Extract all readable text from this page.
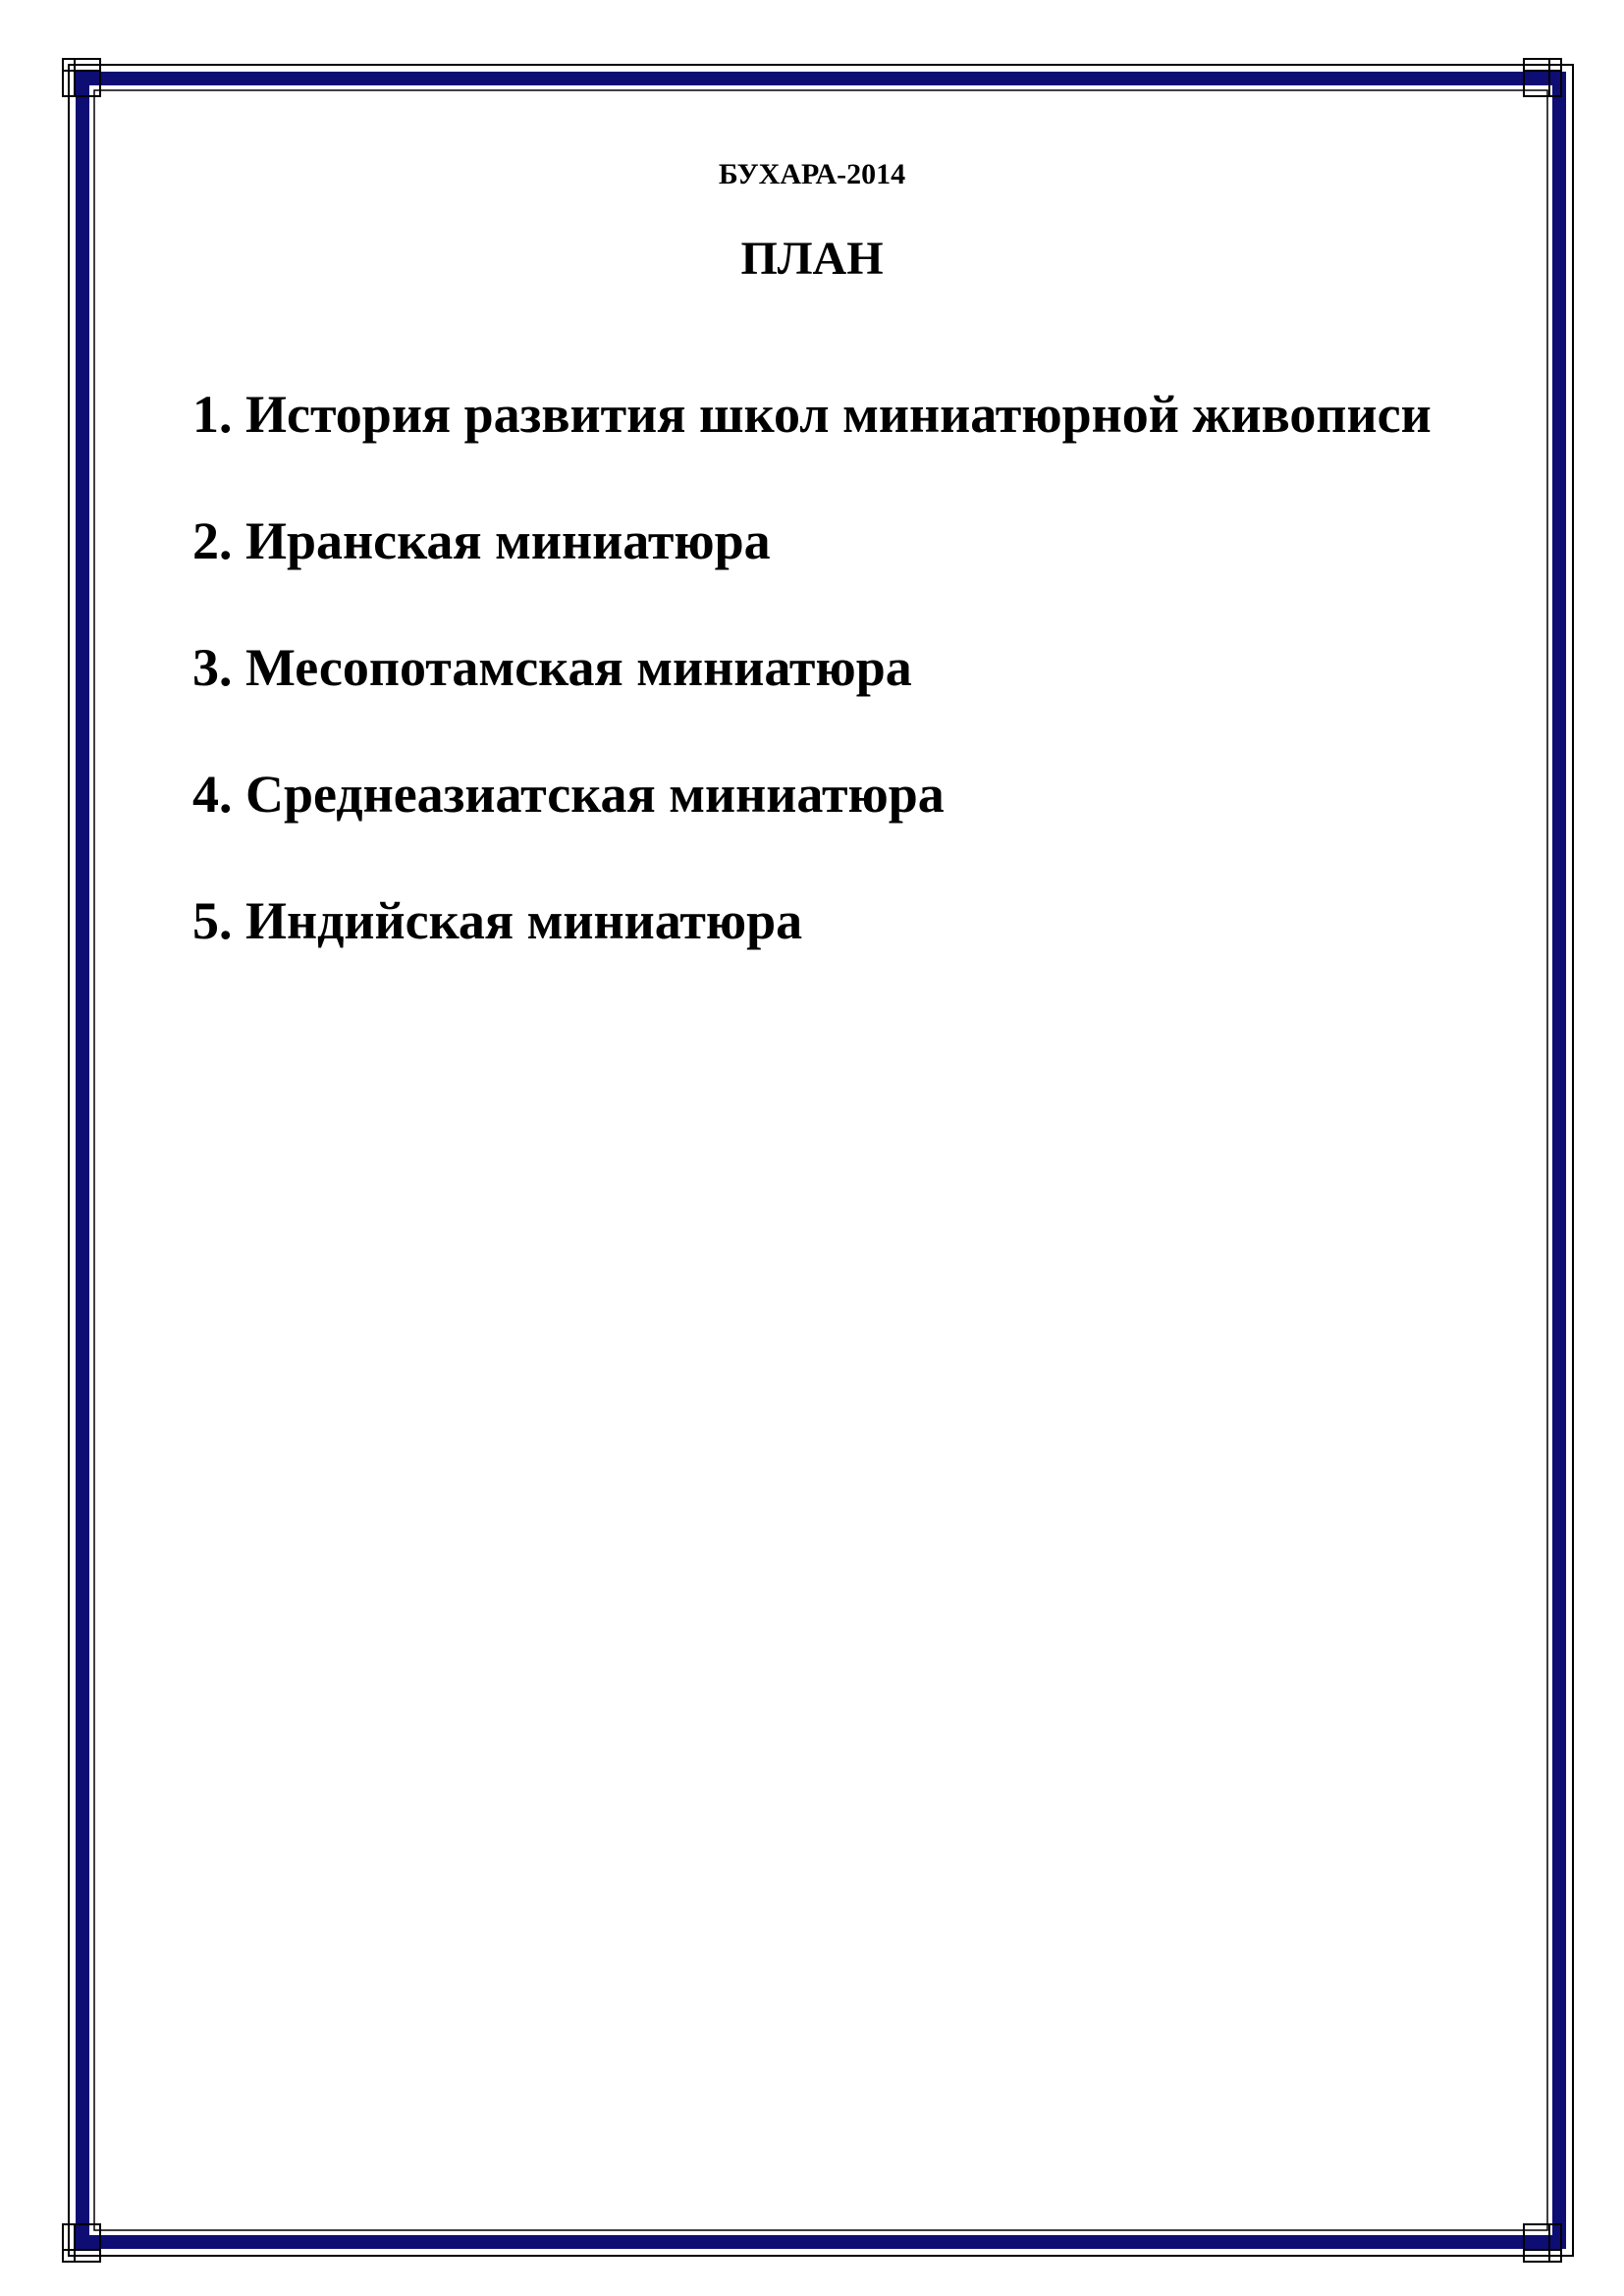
БУХАРА-2014

ПЛАН
1. История развития школ миниатюрной живописи
2. Иранская миниатюра
3. Месопотамская миниатюра
4. Среднеазиатская миниатюра
5. Индийская миниатюра
